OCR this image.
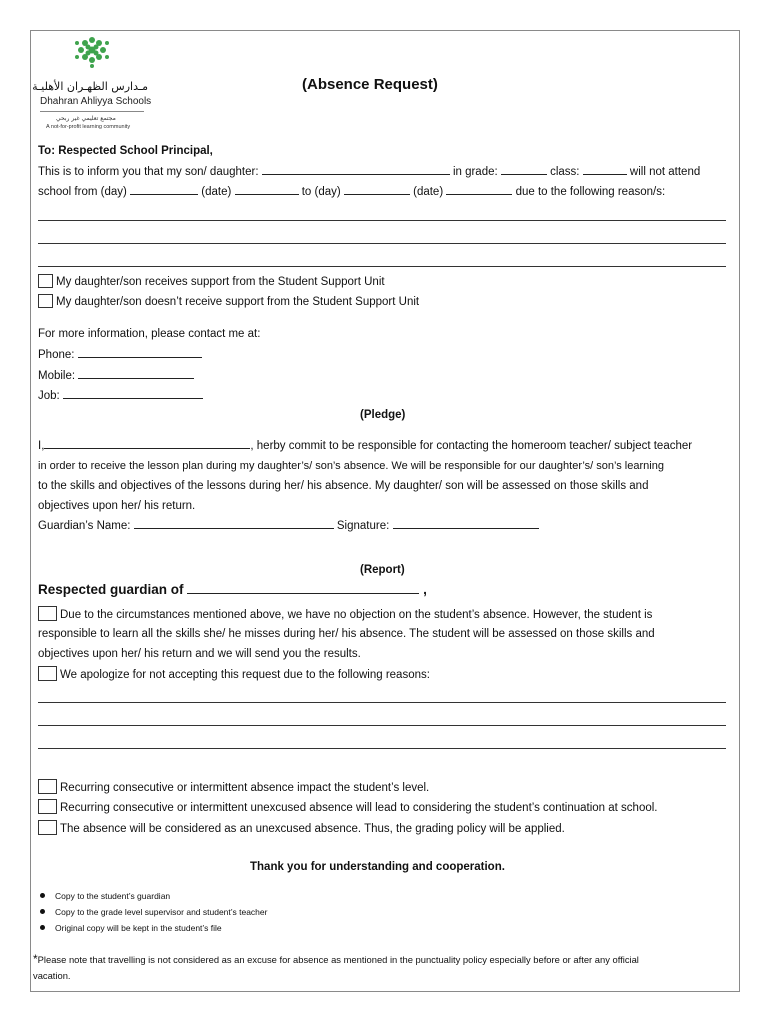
مـدارس الظهـران الأهليـة
Dhahran Ahliyya Schools
مجتمع تعليمي غير ربحي
A not-for-profit learning community
(Absence Request)
To: Respected School Principal,
This is to inform you that my son/ daughter:	in grade:	class:	will not attend
school from (day)	(date)	to (day)	(date)	due to the following reason/s:
My daughter/son receives support from the Student Support Unit
My daughter/son doesn’t receive support from the Student Support Unit
For more information, please contact me at:
Phone:
Mobile:
Job:
(Pledge)
I,	, herby commit to be responsible for contacting the homeroom teacher/ subject teacher
in order to receive the lesson plan during my daughter’s/ son’s absence. We will be responsible for our daughter’s/ son’s learning
to the skills and objectives of the lessons during her/ his absence. My daughter/ son will be assessed on those skills and
objectives upon her/ his return.
Guardian’s Name:	Signature:
(Report)
Respected guardian of	,
Due to the circumstances mentioned above, we have no objection on the student’s absence. However, the student is
responsible to learn all the skills she/ he misses during her/ his absence. The student will be assessed on those skills and
objectives upon her/ his return and we will send you the results.
We apologize for not accepting this request due to the following reasons:
Recurring consecutive or intermittent absence impact the student’s level.
Recurring consecutive or intermittent unexcused absence will lead to considering the student’s continuation at school.
The absence will be considered as an unexcused absence. Thus, the grading policy will be applied.
Thank you for understanding and cooperation.
Copy to the student’s guardian
Copy to the grade level supervisor and student’s teacher
Original copy will be kept in the student’s file
*Please note that travelling is not considered as an excuse for absence as mentioned in the punctuality policy especially before or after any official
vacation.
